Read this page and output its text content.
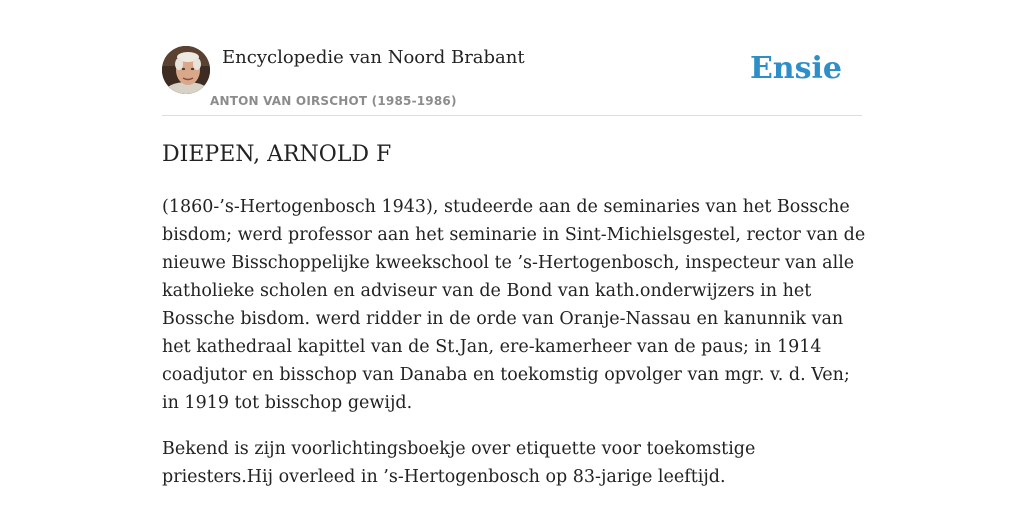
Encyclopedie van Noord Brabant
ANTON VAN OIRSCHOT (1985-1986)
Ensie
DIEPEN, ARNOLD F

(1860-’s-Hertogenbosch 1943), studeerde aan de seminaries van het Bossche bisdom; werd professor aan het seminarie in Sint-Michielsgestel, rector van de nieuwe Bisschoppelijke kweekschool te ’s-Hertogenbosch, inspecteur van alle katholieke scholen en adviseur van de Bond van kath.onderwijzers in het Bossche bisdom. werd ridder in de orde van Oranje-Nassau en kanunnik van het kathedraal kapittel van de St.Jan, ere-kamerheer van de paus; in 1914 coadjutor en bisschop van Danaba en toekomstig opvolger van mgr. v. d. Ven; in 1919 tot bisschop gewijd.

Bekend is zijn voorlichtingsboekje over etiquette voor toekomstige priesters.Hij overleed in ’s-Hertogenbosch op 83-jarige leeftijd.
